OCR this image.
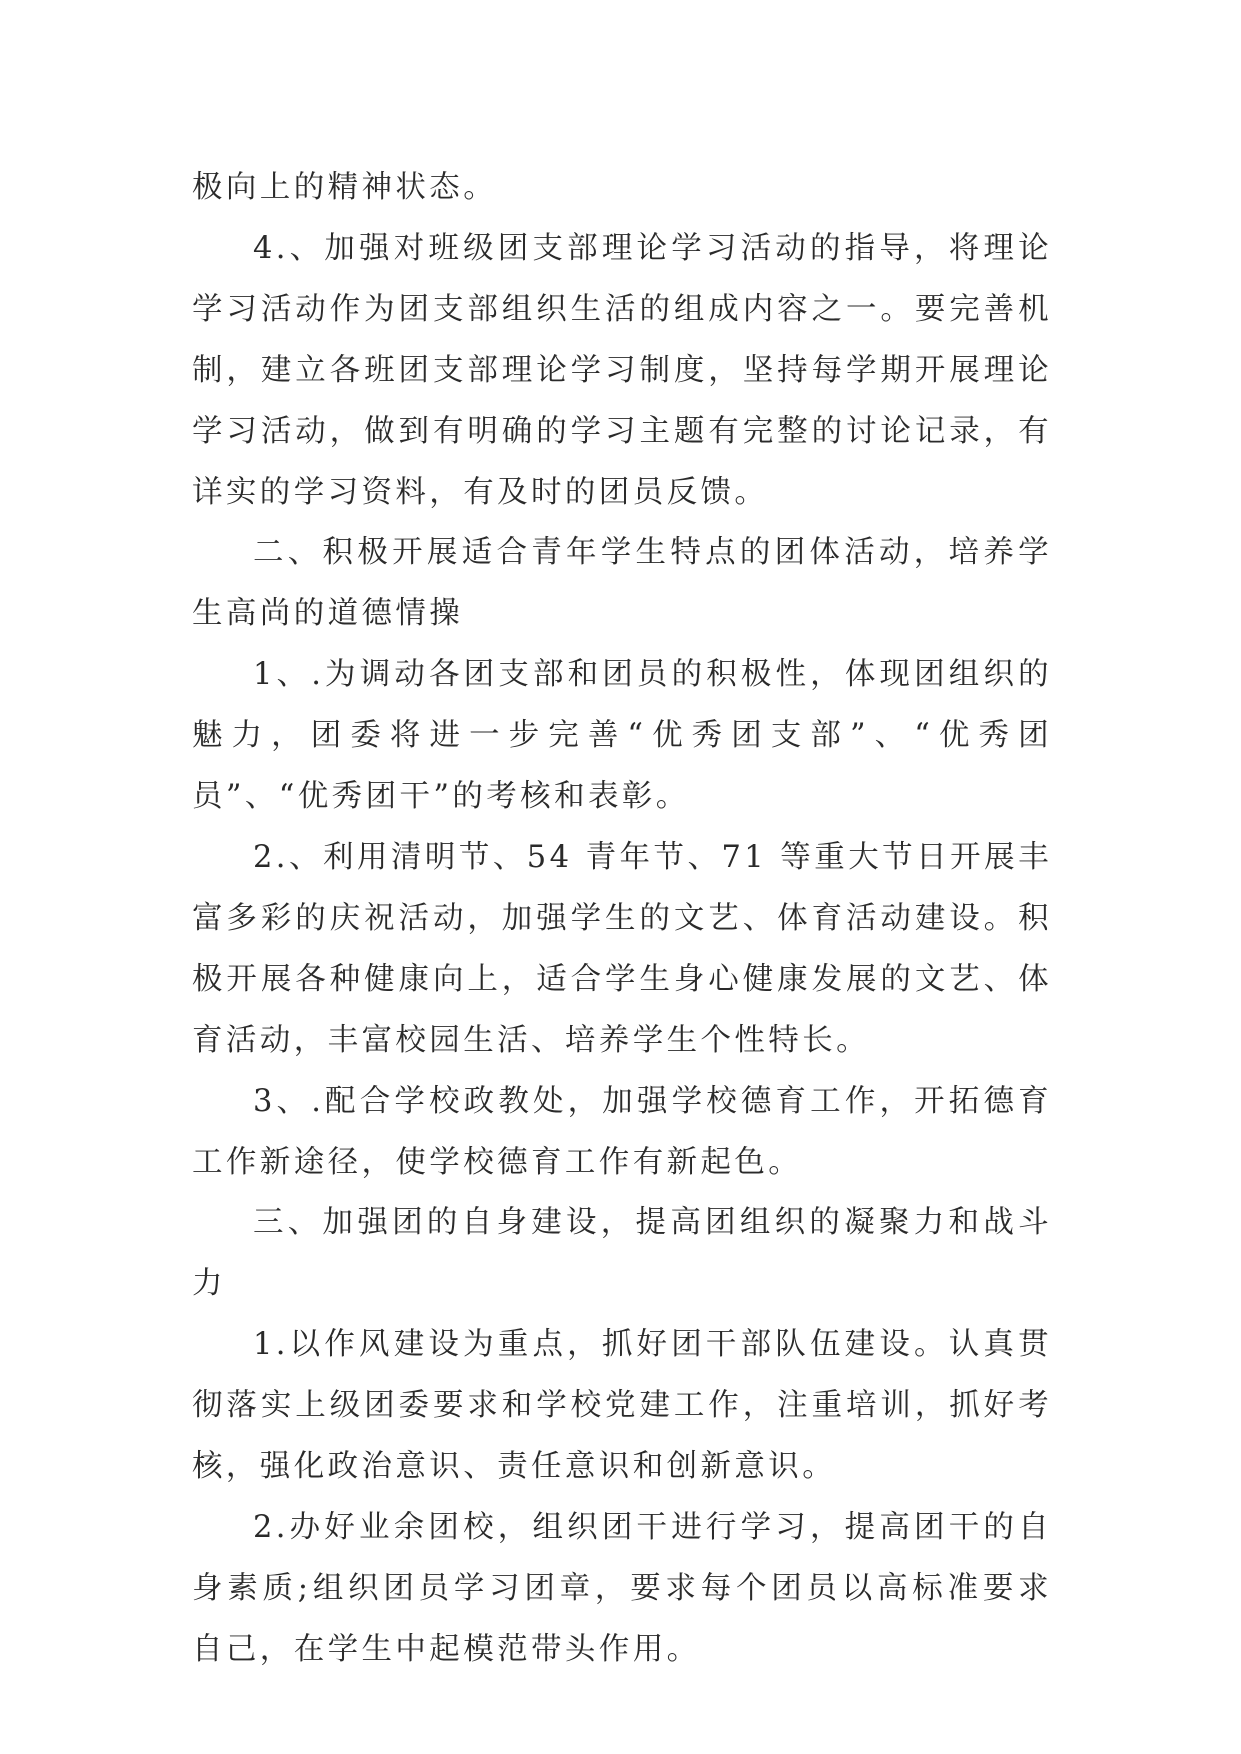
极向上的精神状态。

4.、加强对班级团支部理论学习活动的指导，将理论学习活动作为团支部组织生活的组成内容之一。要完善机制，建立各班团支部理论学习制度，坚持每学期开展理论学习活动，做到有明确的学习主题有完整的讨论记录，有详实的学习资料，有及时的团员反馈。

二、积极开展适合青年学生特点的团体活动，培养学生高尚的道德情操

1、.为调动各团支部和团员的积极性，体现团组织的魅力，团委将进一步完善“优秀团支部”、“优秀团员”、“优秀团干”的考核和表彰。

2.、利用清明节、54 青年节、71 等重大节日开展丰富多彩的庆祝活动，加强学生的文艺、体育活动建设。积极开展各种健康向上，适合学生身心健康发展的文艺、体育活动，丰富校园生活、培养学生个性特长。

3、.配合学校政教处，加强学校德育工作，开拓德育工作新途径，使学校德育工作有新起色。

三、加强团的自身建设，提高团组织的凝聚力和战斗力

1.以作风建设为重点，抓好团干部队伍建设。认真贯彻落实上级团委要求和学校党建工作，注重培训，抓好考核，强化政治意识、责任意识和创新意识。

2.办好业余团校，组织团干进行学习，提高团干的自身素质;组织团员学习团章，要求每个团员以高标准要求自己，在学生中起模范带头作用。
